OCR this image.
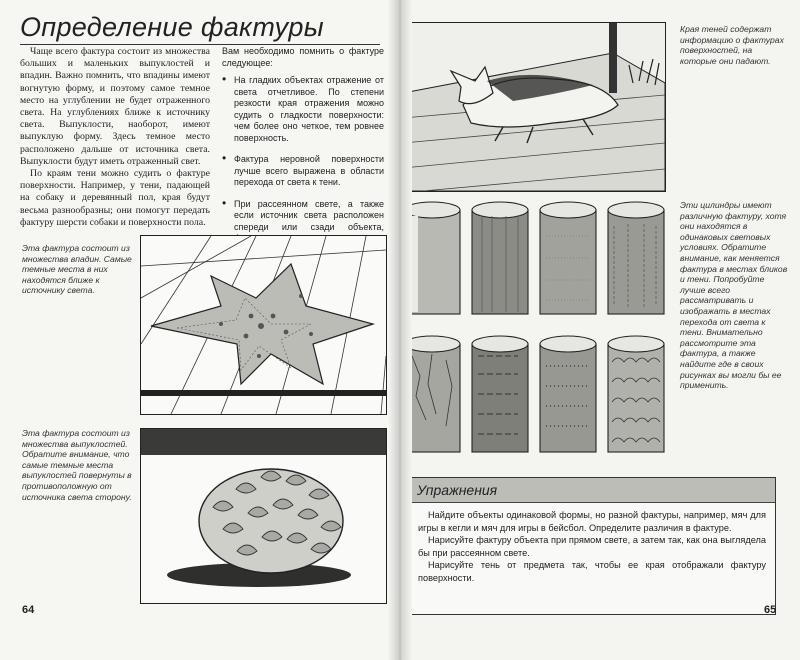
Определение фактуры

Чаще всего фактура состоит из множества больших и маленьких выпуклостей и впадин. Важно помнить, что впадины имеют вогнутую форму, и поэтому самое темное место на углублении не будет отраженного света. На углублениях ближе к источнику света. Выпуклости, наоборот, имеют выпуклую форму. Здесь темное место расположено дальше от источника света. Выпуклости будут иметь отраженный свет.

По краям тени можно судить о фактуре поверхности. Например, у тени, падающей на собаку и деревянный пол, края будут весьма разнообразны; они помогут передать фактуру шерсти собаки и поверхности пола.

Вам необходимо помнить о фактуре следующее:
• На гладких объектах отражение от света отчетливое. По степени резкости края отражения можно судить о гладкости поверхности: чем более оно четкое, тем ровнее поверхность.
• Фактура неровной поверхности лучше всего выражена в области перехода от света к тени.
• При рассеянном свете, а также если источник света расположен спереди или сзади объекта,
Эта фактура состоит из множества впадин. Самые темные места в них находятся ближе к источнику света.
Эта фактура состоит из множества выпуклостей. Обратите внимание, что самые темные места выпуклостей повернуты в противоположную от источника света сторону.
64
Края теней содержат информацию о фактурах поверхностей, на которые они падают.
Эти цилиндры имеют различную фактуру, хотя они находятся в одинаковых световых условиях. Обратите внимание, как меняется фактура в местах бликов и тени. Попробуйте лучше всего рассматривать и изображать в местах перехода от света к тени. Внимательно рассмотрите эта фактура, а также найдите где в своих рисунках вы могли бы ее применить.
Упражнения

Найдите объекты одинаковой формы, но разной фактуры, например, мяч для игры в кегли и мяч для игры в бейсбол. Определите различия в фактуре.

Нарисуйте фактуру объекта при прямом свете, а затем так, как она выглядела бы при рассеянном свете.

Нарисуйте тень от предмета так, чтобы ее края отображали фактуру поверхности.

65
